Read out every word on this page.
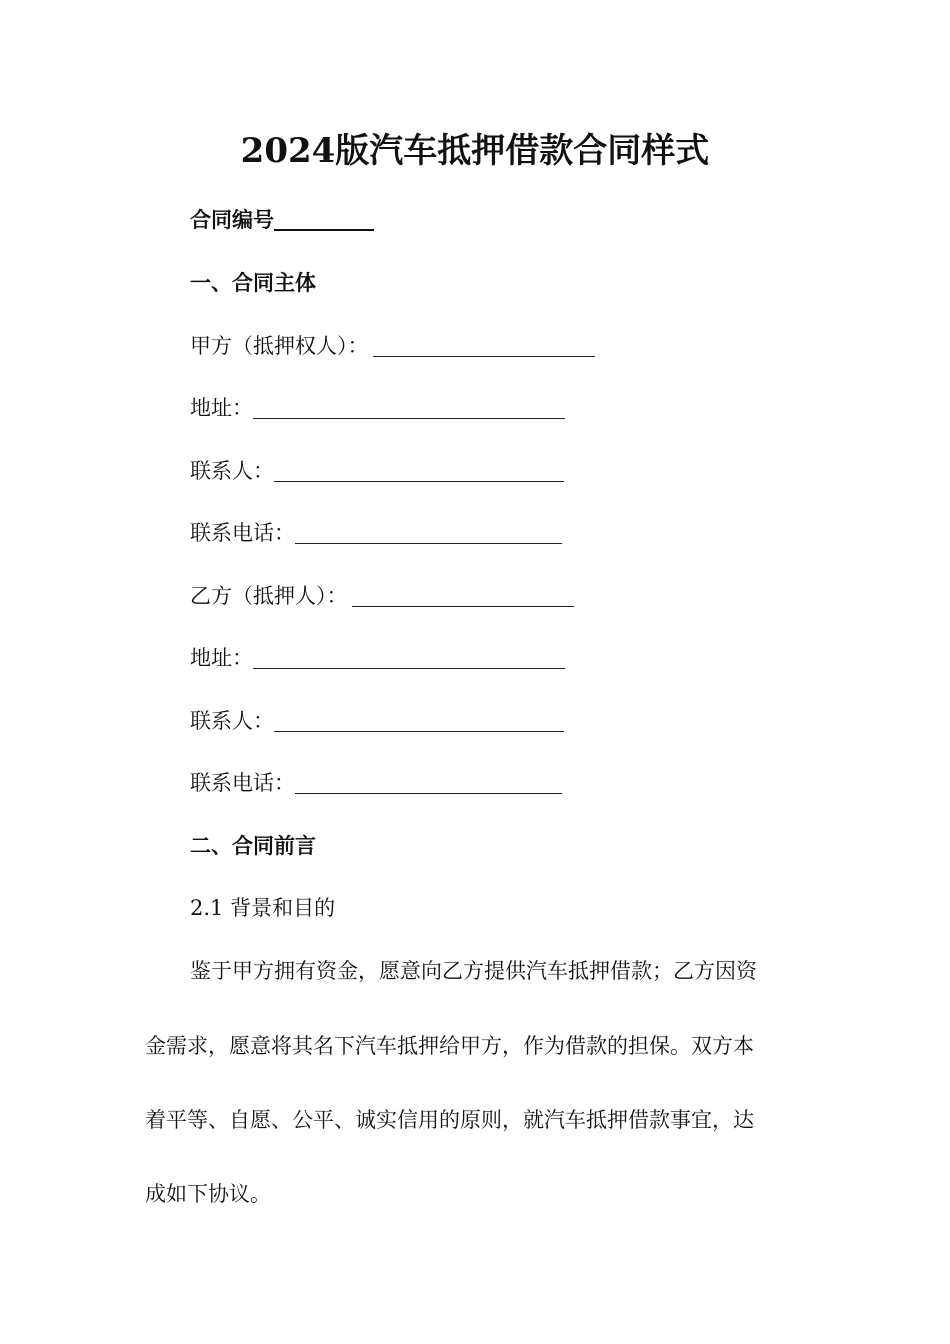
2024版汽车抵押借款合同样式
合同编号
一、合同主体
甲方（抵押权人）：
地址：
联系人：
联系电话：
乙方（抵押人）：
地址：
联系人：
联系电话：
二、合同前言
2.1 背景和目的
鉴于甲方拥有资金，愿意向乙方提供汽车抵押借款；乙方因资
金需求，愿意将其名下汽车抵押给甲方，作为借款的担保。双方本
着平等、自愿、公平、诚实信用的原则，就汽车抵押借款事宜，达
成如下协议。
